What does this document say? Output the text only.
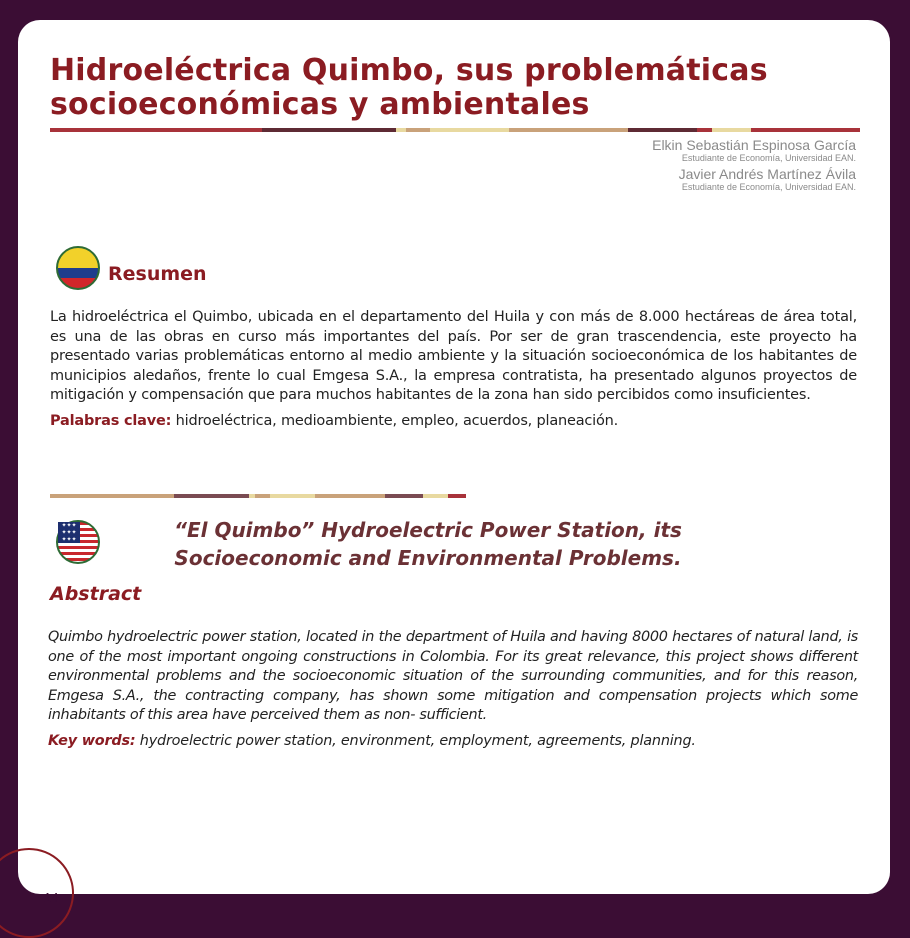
Hidroeléctrica Quimbo, sus problemáticas
socioeconómicas y ambientales
Elkin Sebastián Espinosa García
Estudiante de Economía, Universidad EAN.
Javier Andrés Martínez Ávila
Estudiante de Economía, Universidad EAN.
Resumen

La hidroeléctrica el Quimbo, ubicada en el departamento del Huila y con más de 8.000 hectáreas de área total, es una de las obras en curso más importantes del país. Por ser de gran trascendencia, este proyecto ha presentado varias problemáticas entorno al medio ambiente y la situación socioeconómica de los habitantes de municipios aledaños, frente lo cual Emgesa S.A., la empresa contratista, ha presentado algunos proyectos de mitigación y compensación que para muchos habitantes de la zona han sido percibidos como insuficientes.

Palabras clave: hidroeléctrica, medioambiente, empleo, acuerdos, planeación.
✦✦✦
✦✦✦
✦✦✦	“El Quimbo” Hydroelectric Power Station, its
Socioeconomic and Environmental Problems.
Abstract

Quimbo hydroelectric power station, located in the department of Huila and having 8000 hectares of natural land, is one of the most important ongoing constructions in Colombia. For its great relevance, this project shows different environmental problems and the socioeconomic situation of the surrounding communities, and for this reason, Emgesa S.A., the contracting company, has shown some mitigation and compensation projects which some inhabitants of this area have perceived them as non- sufficient.

Key words: hydroelectric power station, environment, employment, agreements, planning.
14
